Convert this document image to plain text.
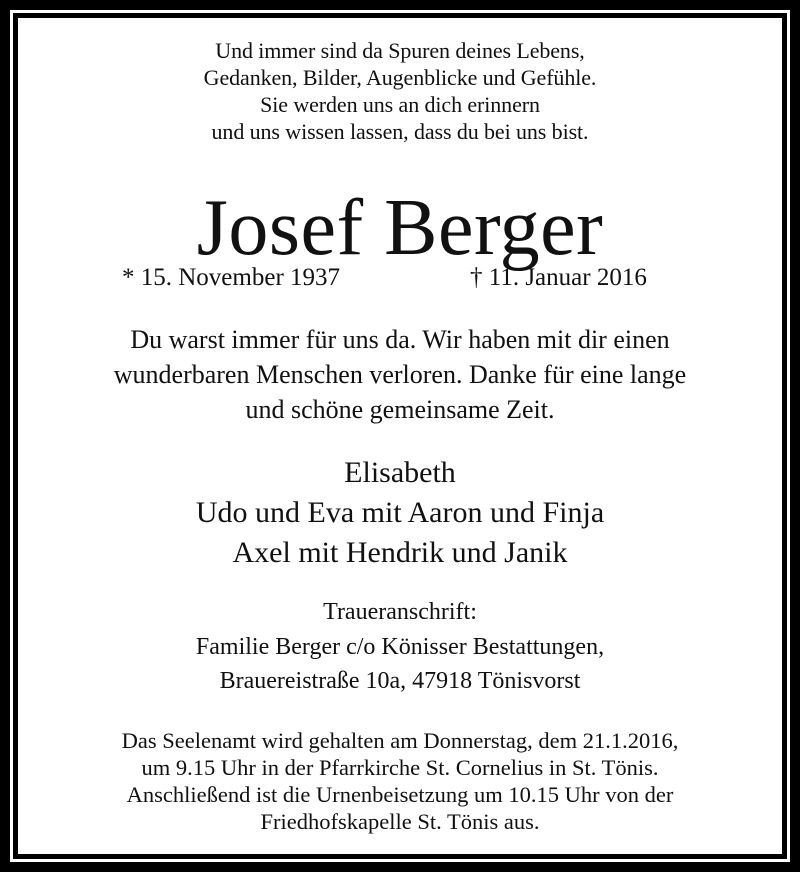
Und immer sind da Spuren deines Lebens,
Gedanken, Bilder, Augenblicke und Gefühle.
Sie werden uns an dich erinnern
und uns wissen lassen, dass du bei uns bist.
Josef Berger
* 15. November 1937	† 11. Januar 2016
Du warst immer für uns da. Wir haben mit dir einen
wunderbaren Menschen verloren. Danke für eine lange
und schöne gemeinsame Zeit.
Elisabeth
Udo und Eva mit Aaron und Finja
Axel mit Hendrik und Janik
Traueranschrift:
Familie Berger c/o Könisser Bestattungen,
Brauereistraße 10a, 47918 Tönisvorst
Das Seelenamt wird gehalten am Donnerstag, dem 21.1.2016,
um 9.15 Uhr in der Pfarrkirche St. Cornelius in St. Tönis.
Anschließend ist die Urnenbeisetzung um 10.15 Uhr von der
Friedhofskapelle St. Tönis aus.
